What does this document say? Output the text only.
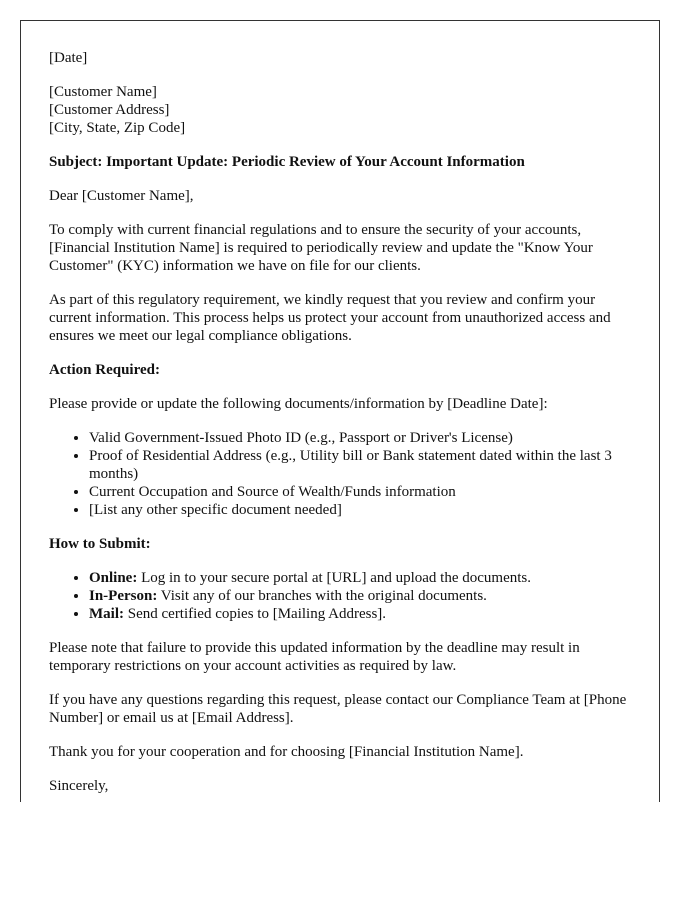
[Date]

[Customer Name]
[Customer Address]
[City, State, Zip Code]

Subject: Important Update: Periodic Review of Your Account Information

Dear [Customer Name],

To comply with current financial regulations and to ensure the security of your accounts, [Financial Institution Name] is required to periodically review and update the "Know Your Customer" (KYC) information we have on file for our clients.

As part of this regulatory requirement, we kindly request that you review and confirm your current information. This process helps us protect your account from unauthorized access and ensures we meet our legal compliance obligations.

Action Required:

Please provide or update the following documents/information by [Deadline Date]:

• Valid Government-Issued Photo ID (e.g., Passport or Driver's License)
• Proof of Residential Address (e.g., Utility bill or Bank statement dated within the last 3 months)
• Current Occupation and Source of Wealth/Funds information
• [List any other specific document needed]

How to Submit:

• Online: Log in to your secure portal at [URL] and upload the documents.
• In-Person: Visit any of our branches with the original documents.
• Mail: Send certified copies to [Mailing Address].

Please note that failure to provide this updated information by the deadline may result in temporary restrictions on your account activities as required by law.

If you have any questions regarding this request, please contact our Compliance Team at [Phone Number] or email us at [Email Address].

Thank you for your cooperation and for choosing [Financial Institution Name].

Sincerely,
